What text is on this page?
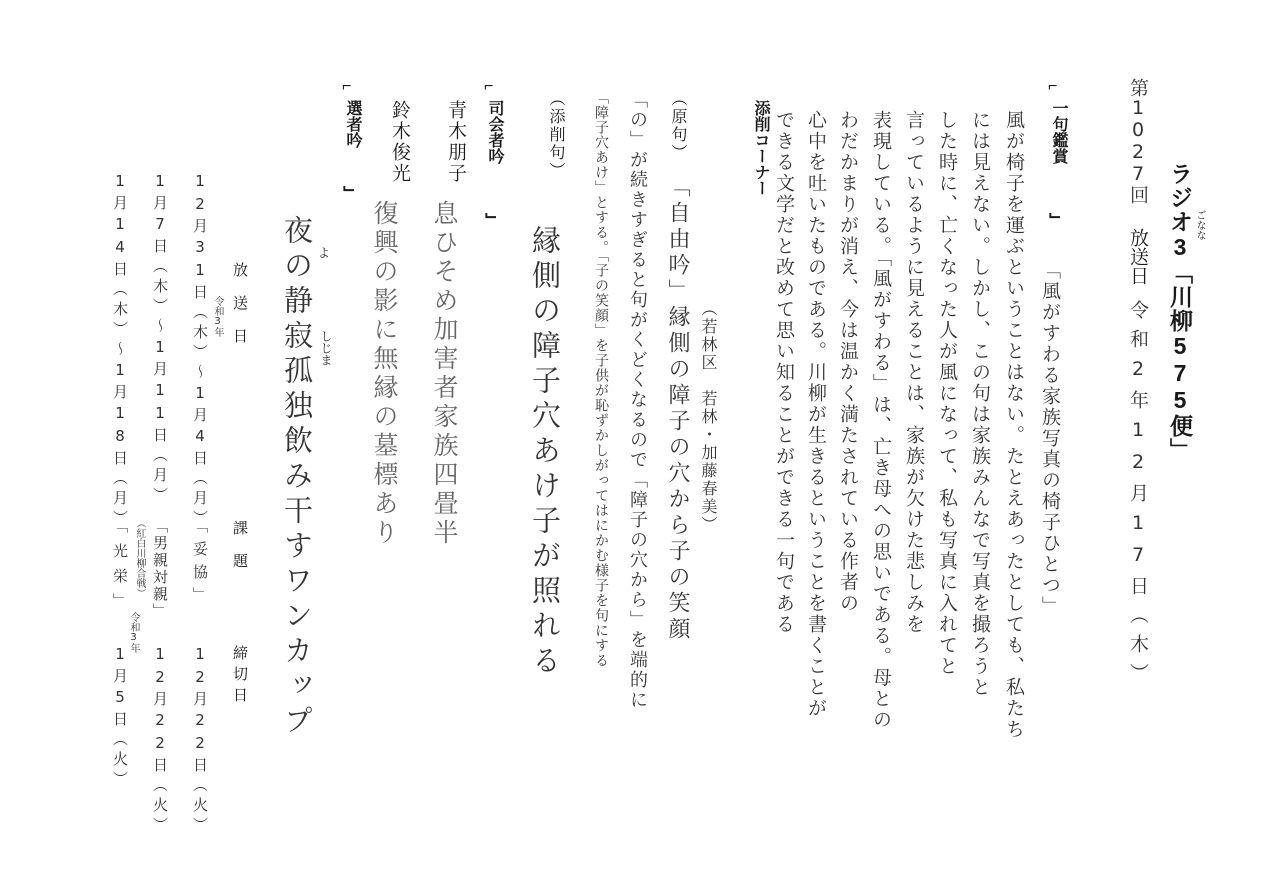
ラジオ3「川柳575便」 ごなな
第1027回
放送日
令和2年12月17日（木）
⌐
一句鑑賞
⌙
「風がすわる家族写真の椅子ひとつ」
風が椅子を運ぶということはない。たとえあったとしても、私たち
には見えない。しかし、この句は家族みんなで写真を撮ろうと
した時に、亡くなった人が風になって、私も写真に入れてと
言っているように見えることは、家族が欠けた悲しみを
表現している。「風がすわる」は、亡き母への思いである。母との
わだかまりが消え、今は温かく満たされている作者の
心中を吐いたものである。川柳が生きるということを書くことが
できる文学だと改めて思い知ることができる一句である
添削コーナー
（若林区　若林・加藤春美）
（原句）
「自由吟」縁側の障子の穴から子の笑顔
「の」が続きすぎると句がくどくなるので「障子の穴から」を端的に
「障子穴あけ」とする。「子の笑顔」を子供が恥ずかしがってはにかむ様子を句にする
（添削句）
縁側の障子穴あけ子が照れる
⌐
司会者吟
⌙
青木朋子
息ひそめ加害者家族四畳半
鈴木俊光
復興の影に無縁の墓標あり
⌐
選者吟
⌙
よ
しじま
夜の静寂孤独飲み干すワンカップ
放送日
課題
締切日
12月31日（木）～1月4日（月） 令和3年
「妥協」
12月22日（火）
1月7日（木）～1月11日（月）
「男親対親」
（紅白川柳合戦）
12月22日（火）
1月14日（木）～1月18日（月）
「光栄」
令和3年
1月5日（火）
